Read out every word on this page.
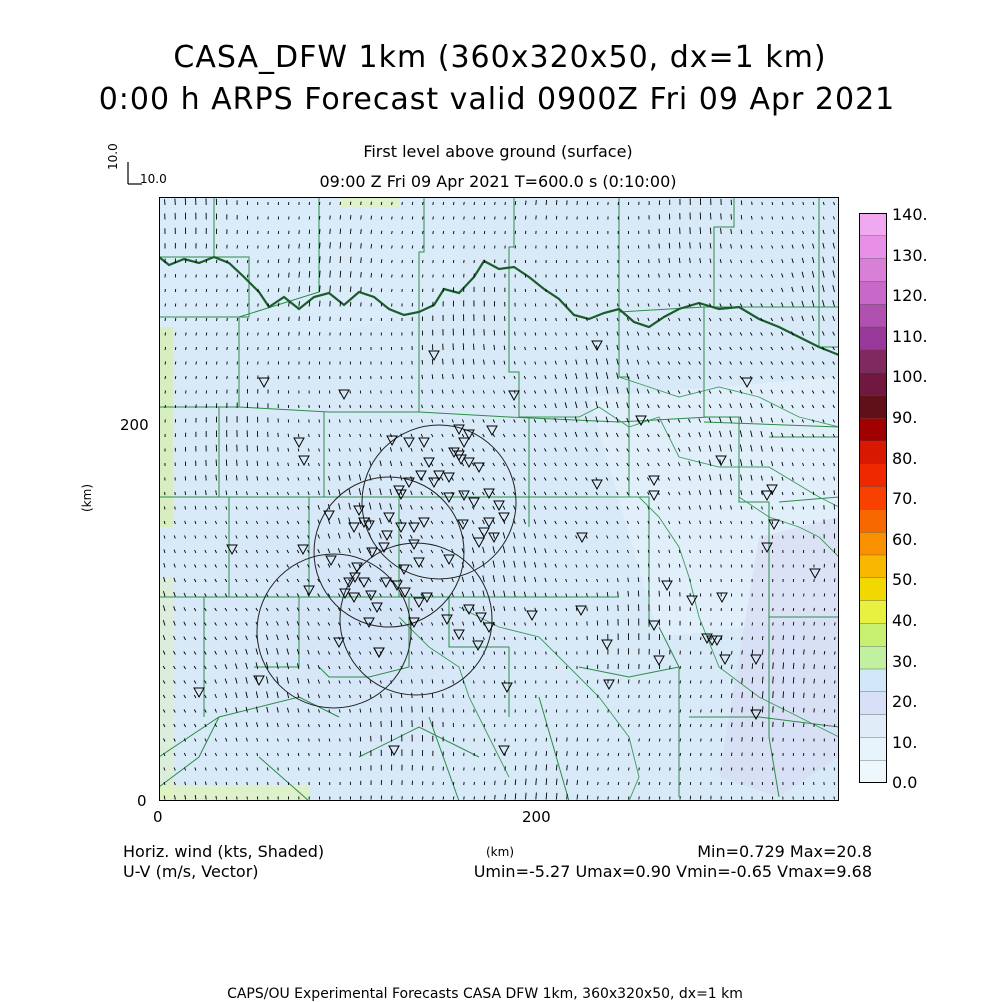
CASA_DFW 1km (360x320x50, dx=1 km)
0:00 h ARPS Forecast valid 0900Z Fri 09 Apr 2021
First level above ground (surface)
09:00 Z Fri 09 Apr 2021 T=600.0 s (0:10:00)
10.0
10.0
(km)
200
0
0	200
(km)
140.
130.
120.
110.
100.
90.
80.
70.
60.
50.
40.
30.
20.
10.
0.0
Horiz. wind (kts, Shaded)
U-V (m/s, Vector)
Min=0.729 Max=20.8
Umin=-5.27 Umax=0.90 Vmin=-0.65 Vmax=9.68
CAPS/OU Experimental Forecasts CASA DFW 1km, 360x320x50, dx=1 km
